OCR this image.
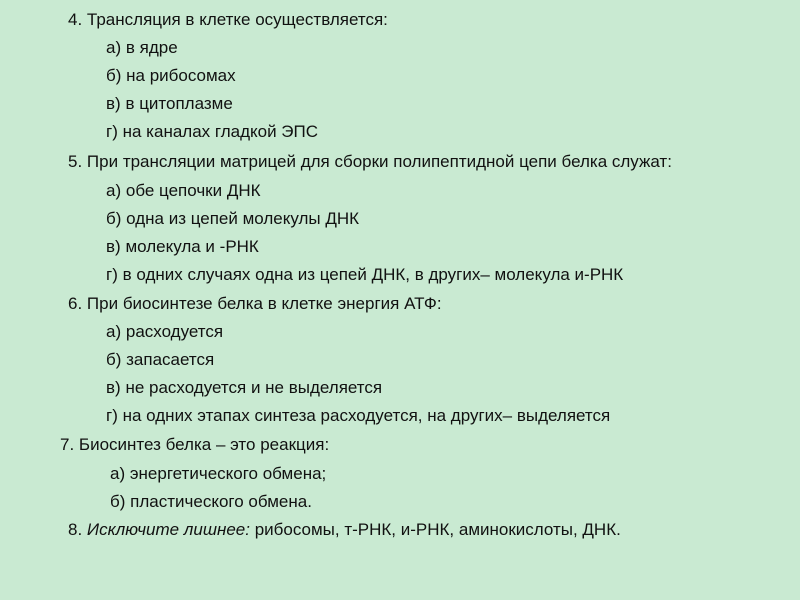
4. Трансляция в клетке осуществляется:
а) в ядре
б) на рибосомах
в) в цитоплазме
г) на каналах гладкой ЭПС
5. При трансляции матрицей для сборки полипептидной цепи белка служат:
а) обе цепочки ДНК
б) одна из цепей молекулы ДНК
в) молекула и -РНК
г) в одних случаях одна из цепей ДНК, в других– молекула и-РНК
6. При биосинтезе белка в клетке энергия АТФ:
а) расходуется
б) запасается
в) не расходуется и не выделяется
г) на одних этапах синтеза расходуется, на других– выделяется
7. Биосинтез белка – это реакция:
а) энергетического обмена;
б) пластического обмена.
8. Исключите лишнее: рибосомы, т-РНК, и-РНК, аминокислоты, ДНК.
